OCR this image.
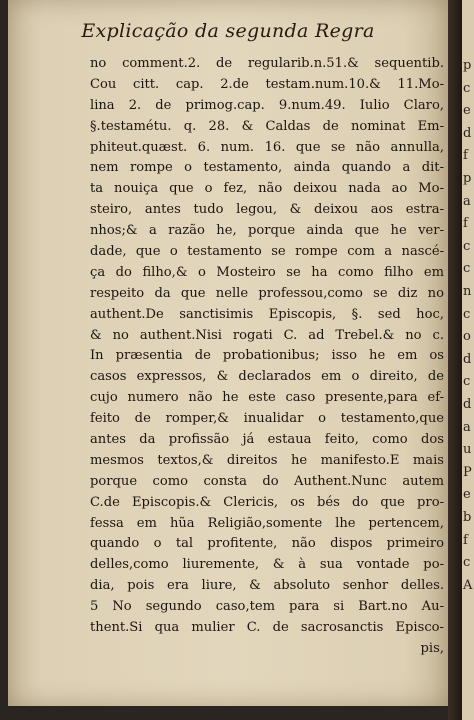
Explicação da segunda Regra
no comment.2. de regularib.n.51.& sequentib.
Cou citt. cap. 2.de testam.num.10.& 11.Mo-
lina 2. de primog.cap. 9.num.49. Iulio Claro,
§.testamétu. q. 28. & Caldas de nominat Em-
phiteut.quæst. 6. num. 16. que se não annulla,
nem rompe o testamento, ainda quando a dit-
ta nouiça que o fez, não deixou nada ao Mo-
steiro, antes tudo legou, & deixou aos estra-
nhos;& a razão he, porque ainda que he ver-
dade, que o testamento se rompe com a nascé-
ça do filho,& o Mosteiro se ha como filho em
respeito da que nelle professou,como se diz no
authent.De sanctisimis Episcopis, §. sed hoc,
& no authent.Nisi rogati C. ad Trebel.& no c.
In præsentia de probationibus; isso he em os
casos expressos, & declarados em o direito, de
cujo numero não he este caso presente,para ef-
feito de romper,& inualidar o testamento,que
antes da profissão já estaua feito, como dos
mesmos textos,& direitos he manifesto.E mais
porque como consta do Authent.Nunc autem
C.de Episcopis.& Clericis, os bés do que pro-
fessa em hũa Religião,somente lhe pertencem,
quando o tal profitente, não dispos primeiro
delles,como liuremente, & à sua vontade po-
dia, pois era liure, & absoluto senhor delles.
5 No segundo caso,tem para si Bart.no Au-
thent.Si qua mulier C. de sacrosanctis Episco-
pis,
p
c
e
d
f
p
a
f
c
c
n
c
o
d
c
d
a
u
P
e
b
f
c
A
